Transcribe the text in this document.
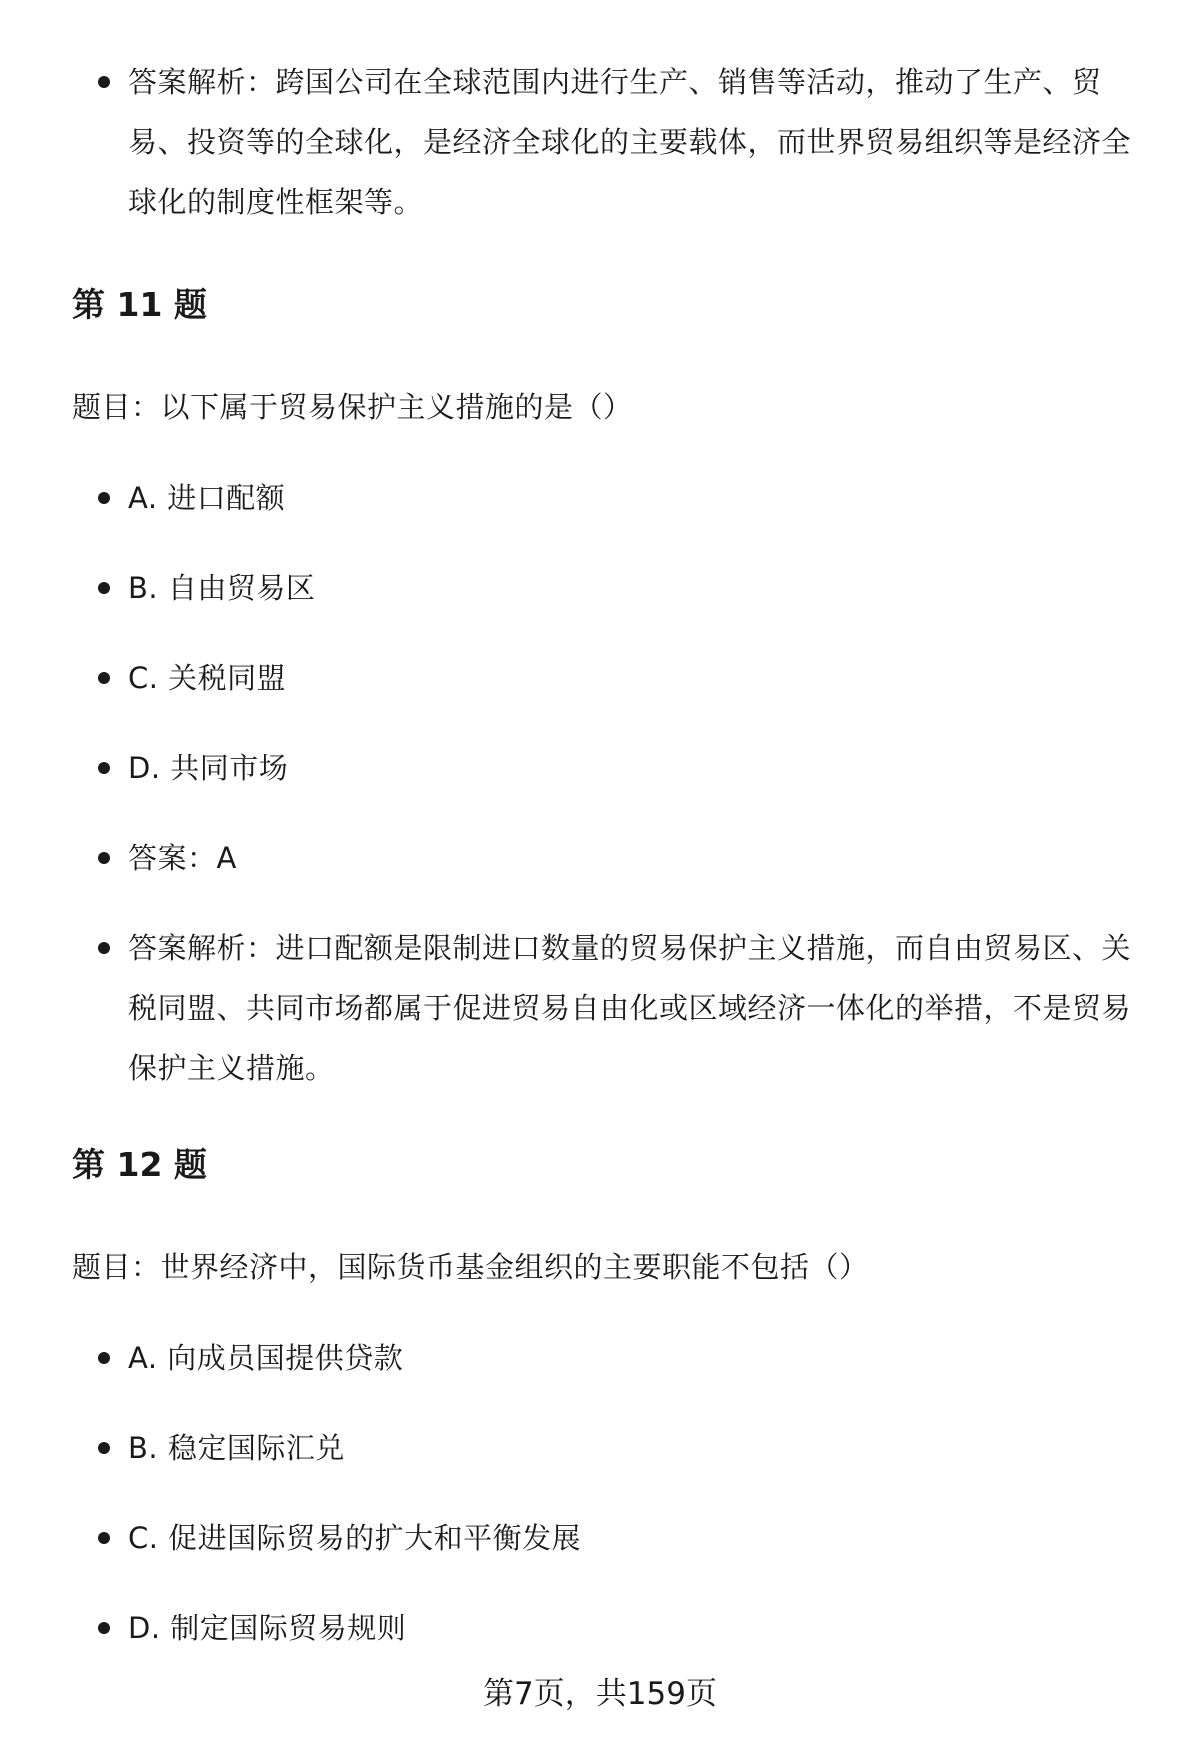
答案解析：跨国公司在全球范围内进行生产、销售等活动，推动了生产、贸易、投资等的全球化，是经济全球化的主要载体，而世界贸易组织等是经济全球化的制度性框架等。
第 11 题
题目：以下属于贸易保护主义措施的是（）
A. 进口配额
B. 自由贸易区
C. 关税同盟
D. 共同市场
答案：A
答案解析：进口配额是限制进口数量的贸易保护主义措施，而自由贸易区、关税同盟、共同市场都属于促进贸易自由化或区域经济一体化的举措，不是贸易保护主义措施。
第 12 题
题目：世界经济中，国际货币基金组织的主要职能不包括（）
A. 向成员国提供贷款
B. 稳定国际汇兑
C. 促进国际贸易的扩大和平衡发展
D. 制定国际贸易规则
第7页，共159页
